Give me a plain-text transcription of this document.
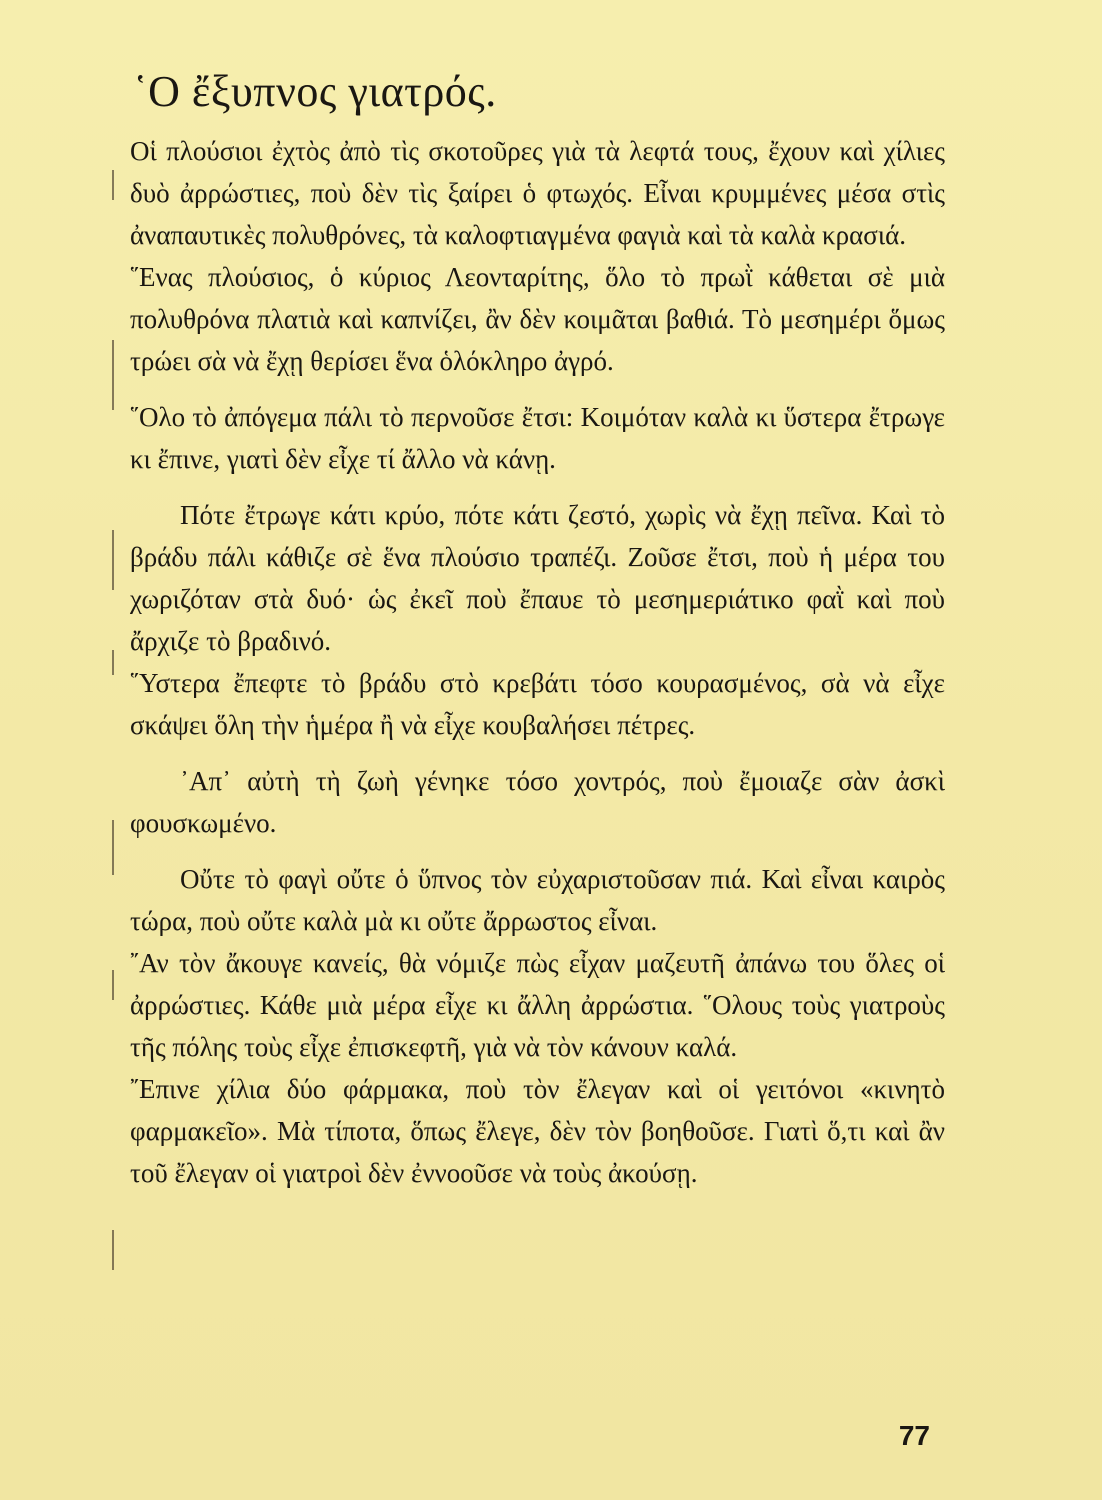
῾Ο ἔξυπνος γιατρός.

Οἱ πλούσιοι ἐχτὸς ἀπὸ τὶς σκοτοῦρες γιὰ τὰ λεφτά τους, ἔχουν καὶ χίλιες δυὸ ἀρρώστιες, ποὺ δὲν τὶς ξαίρει ὁ φτωχός. Εἶναι κρυμμένες μέσα στὶς ἀναπαυτικὲς πολυθρόνες, τὰ καλοφτιαγμένα φαγιὰ καὶ τὰ καλὰ κρασιά.

῞Ενας πλούσιος, ὁ κύριος Λεονταρίτης, ὅλο τὸ πρωῒ κάθεται σὲ μιὰ πολυθρόνα πλατιὰ καὶ καπνίζει, ἂν δὲν κοιμᾶται βαθιά. Τὸ μεσημέρι ὅμως τρώει σὰ νὰ ἔχῃ θερίσει ἕνα ὁλόκληρο ἀγρό.

῞Ολο τὸ ἀπόγεμα πάλι τὸ περνοῦσε ἔτσι: Κοιμόταν καλὰ κι ὕστερα ἔτρωγε κι ἔπινε, γιατὶ δὲν εἶχε τί ἄλλο νὰ κάνῃ.

Πότε ἔτρωγε κάτι κρύο, πότε κάτι ζεστό, χωρὶς νὰ ἔχῃ πεῖνα. Καὶ τὸ βράδυ πάλι κάθιζε σὲ ἕνα πλούσιο τραπέζι. Ζοῦσε ἔτσι, ποὺ ἡ μέρα του χωριζόταν στὰ δυό· ὡς ἐκεῖ ποὺ ἔπαυε τὸ μεσημεριάτικο φαῒ καὶ ποὺ ἄρχιζε τὸ βραδινό.

῞Υστερα ἔπεφτε τὸ βράδυ στὸ κρεβάτι τόσο κουρασμένος, σὰ νὰ εἶχε σκάψει ὅλη τὴν ἡμέρα ἢ νὰ εἶχε κουβαλήσει πέτρες.

᾿Απ᾿ αὐτὴ τὴ ζωὴ γένηκε τόσο χοντρός, ποὺ ἔμοιαζε σὰν ἀσκὶ φουσκωμένο.

Οὔτε τὸ φαγὶ οὔτε ὁ ὕπνος τὸν εὐχαριστοῦσαν πιά. Καὶ εἶναι καιρὸς τώρα, ποὺ οὔτε καλὰ μὰ κι οὔτε ἄρρωστος εἶναι.

῎Αν τὸν ἄκουγε κανείς, θὰ νόμιζε πὼς εἶχαν μαζευτῆ ἀπάνω του ὅλες οἱ ἀρρώστιες. Κάθε μιὰ μέρα εἶχε κι ἄλλη ἀρρώστια. ῞Ολους τοὺς γιατροὺς τῆς πόλης τοὺς εἶχε ἐπισκεφτῆ, γιὰ νὰ τὸν κάνουν καλά.

῎Επινε χίλια δύο φάρμακα, ποὺ τὸν ἔλεγαν καὶ οἱ γειτόνοι «κινητὸ φαρμακεῖο». Μὰ τίποτα, ὅπως ἔλεγε, δὲν τὸν βοηθοῦσε. Γιατὶ ὅ,τι καὶ ἂν τοῦ ἔλεγαν οἱ γιατροὶ δὲν ἐννοοῦσε νὰ τοὺς ἀκούσῃ.

77
